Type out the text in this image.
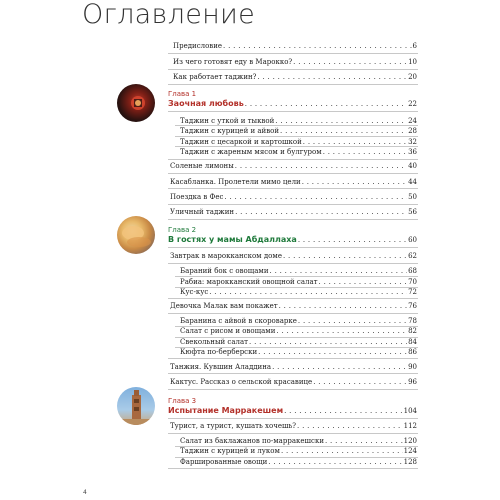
Оглавление
Предисловие . . .	6
Из чего готовят еду в Марокко? . . .	10
Как работает таджин? . . .	20
Глава 1
Заочная любовь . . .	22
Таджин с уткой и тыквой . . .	24
Таджин с курицей и айвой . . .	28
Таджин с цесаркой и картошкой . . .	32
Таджин с жареным мясом и булгуром . . .	36
Соленые лимоны . . .	40
Касабланка. Пролетели мимо цели . . .	44
Поездка в Фес . . .	50
Уличный таджин . . .	56
Глава 2
В гостях у мамы Абдаллаха . . .	60
Завтрак в марокканском доме . . .	62
Бараний бок с овощами . . .	68
Рабиа: марокканский овощной салат . . .	70
Кус-кус . . .	72
Девочка Малак вам покажет . . .	76
Баранина с айвой в скороварке . . .	78
Салат с рисом и овощами . . .	82
Свекольный салат . . .	84
Кюфта по-берберски . . .	86
Танжия. Кувшин Аладдина . . .	90
Кактус. Рассказ о сельской красавице . . .	96
Глава 3
Испытание Марракешем . . .	104
Турист, а турист, кушать хочешь? . . .	112
Салат из баклажанов по-марракешски . . .	120
Таджин с курицей и луком . . .	124
Фаршированные овощи . . .	128
4
